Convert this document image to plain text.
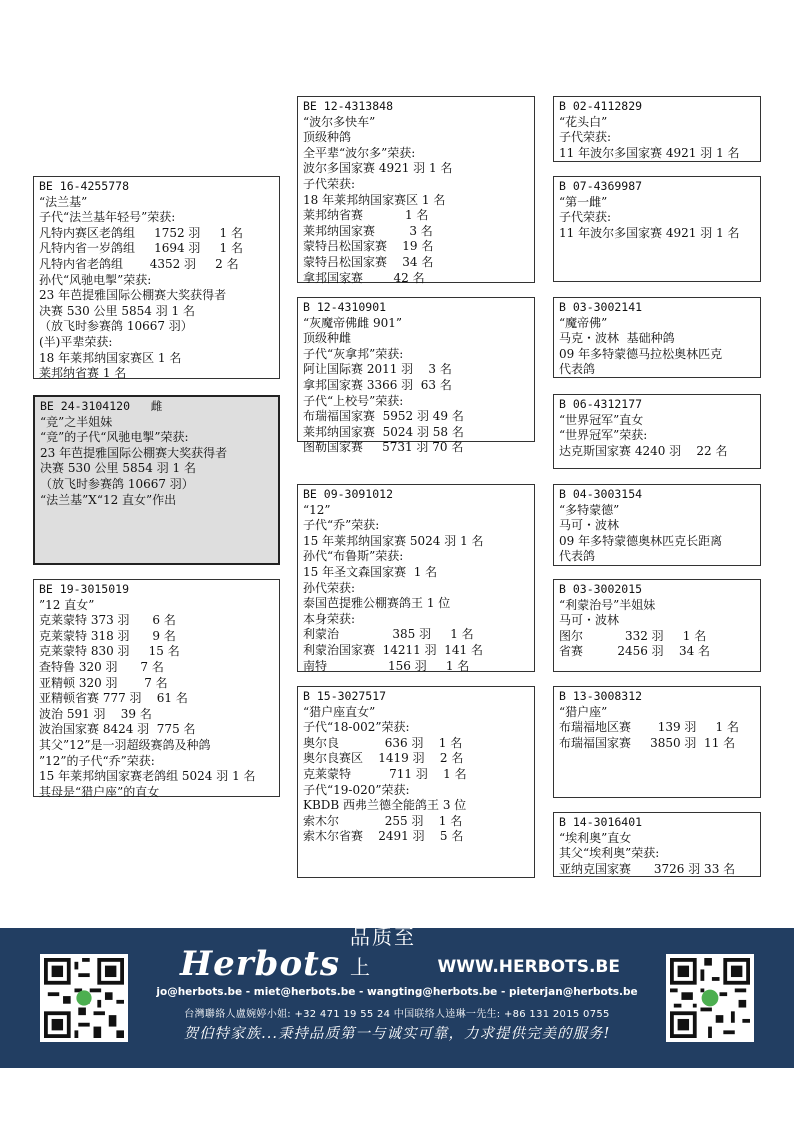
BE 16-4255778
“法兰基”
子代“法兰基年轻号”荣获:
凡特内赛区老鸽组     1752 羽     1 名
凡特内省一岁鸽组     1694 羽     1 名
凡特内省老鸽组       4352 羽     2 名
孙代“风驰电掣”荣获:
23 年芭提雅国际公棚赛大奖获得者
决赛 530 公里 5854 羽 1 名
（放飞时参赛鸽 10667 羽）
(半)平辈荣获:
18 年莱邦纳国家赛区 1 名
莱邦纳省赛 1 名
BE 24-3104120   雌
“竞”之半姐妹
“竞”的子代“风驰电掣”荣获:
23 年芭提雅国际公棚赛大奖获得者
决赛 530 公里 5854 羽 1 名
（放飞时参赛鸽 10667 羽）
“法兰基”X“12 直女”作出
BE 19-3015019
”12 直女”
克莱蒙特 373 羽      6 名
克莱蒙特 318 羽      9 名
克莱蒙特 830 羽     15 名
查特鲁 320 羽      7 名
亚精顿 320 羽       7 名
亚精顿省赛 777 羽    61 名
波治 591 羽    39 名
波治国家赛 8424 羽  775 名
其父”12”是一羽超级赛鸽及种鸽
”12”的子代“乔”荣获:
15 年莱邦纳国家赛老鸽组 5024 羽 1 名
其母是“猎户座”的直女
BE 12-4313848
“波尔多快车”
顶级种鸽
全平辈“波尔多”荣获:
波尔多国家赛 4921 羽 1 名
子代荣获:
18 年莱邦纳国家赛区 1 名
莱邦纳省赛           1 名
莱邦纳国家赛         3 名
蒙特吕松国家赛    19 名
蒙特吕松国家赛    34 名
拿邦国家赛        42 名
B 12-4310901
“灰魔帝佛雌 901”
顶级种雌
子代“灰拿邦”荣获:
阿让国际赛 2011 羽    3 名
拿邦国家赛 3366 羽  63 名
子代“上校号”荣获:
布瑞福国家赛  5952 羽 49 名
莱邦纳国家赛  5024 羽 58 名
图勒国家赛     5731 羽 70 名
BE 09-3091012
“12”
子代“乔”荣获:
15 年莱邦纳国家赛 5024 羽 1 名
孙代“布鲁斯”荣获:
15 年圣文森国家赛  1 名
孙代荣获:
泰国芭提雅公棚赛鸽王 1 位
本身荣获:
利蒙治              385 羽     1 名
利蒙治国家赛  14211 羽  141 名
南特                156 羽     1 名
B 15-3027517
“猎户座直女”
子代“18-002”荣获:
奥尔良            636 羽    1 名
奥尔良赛区    1419 羽    2 名
克莱蒙特          711 羽    1 名
子代“19-020”荣获:
KBDB 西弗兰德全能鸽王 3 位
索木尔            255 羽    1 名
索木尔省赛    2491 羽    5 名
B 02-4112829
“花头白”
子代荣获:
11 年波尔多国家赛 4921 羽 1 名
B 07-4369987
“第一雌”
子代荣获:
11 年波尔多国家赛 4921 羽 1 名
B 03-3002141
“魔帝佛”
马克・波林  基础种鸽
09 年多特蒙德马拉松奥林匹克
代表鸽
B 06-4312177
“世界冠军”直女
“世界冠军”荣获:
达克斯国家赛 4240 羽    22 名
B 04-3003154
“多特蒙德”
马可・波林
09 年多特蒙德奥林匹克长距离
代表鸽
B 03-3002015
“利蒙治号”半姐妹
马可・波林
图尔           332 羽     1 名
省赛         2456 羽    34 名
B 13-3008312
“猎户座”
布瑞福地区赛       139 羽     1 名
布瑞福国家赛     3850 羽  11 名
B 14-3016401
“埃利奥”直女
其父“埃利奥”荣获:
亚纳克国家赛      3726 羽 33 名
Herbots
品质至上	WWW.HERBOTS.BE
jo@herbots.be - miet@herbots.be - wangting@herbots.be - pieterjan@herbots.be
台灣聯絡人盧婉婷小姐: +32 471 19 55 24 中国联络人逵琳一先生: +86 131 2015 0755
贺伯特家族...秉持品质第一与诚实可靠，力求提供完美的服务!
